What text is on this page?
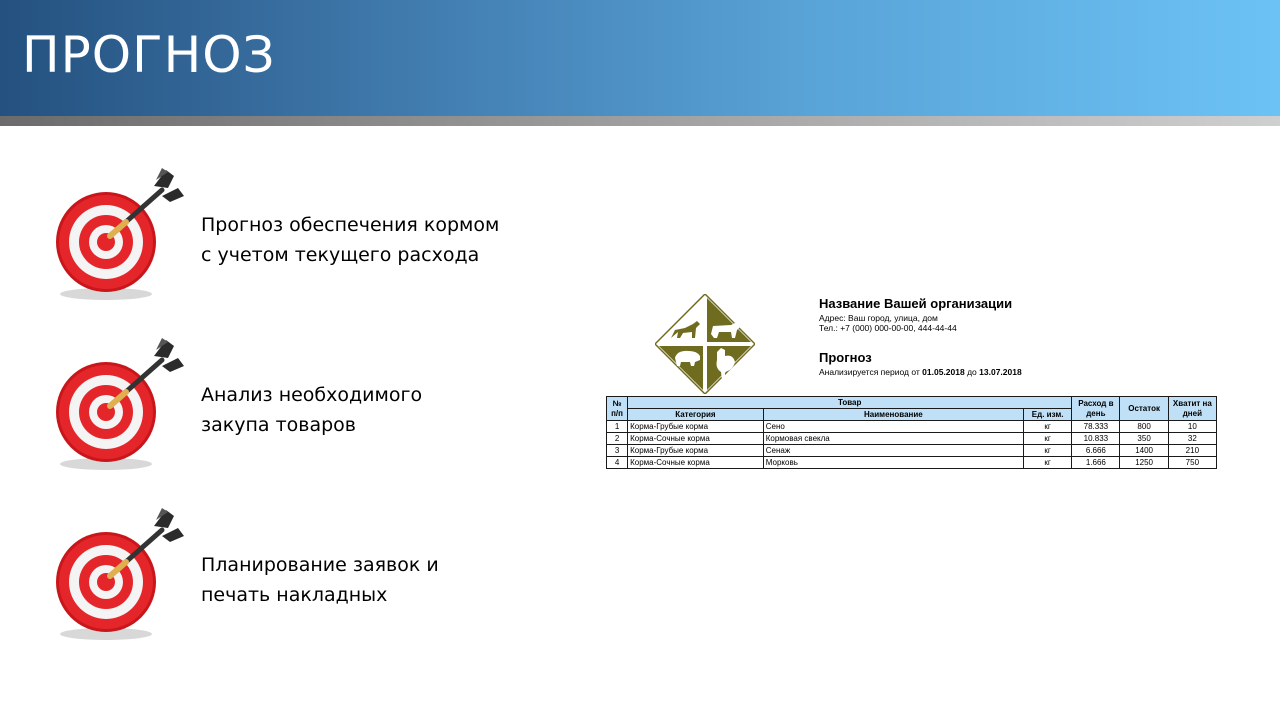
ПРОГНОЗ
Прогноз обеспечения кормом
с учетом текущего расхода
Анализ необходимого
закупа товаров
Планирование заявок и
печать накладных
Название Вашей организации
Адрес: Ваш город, улица, дом
Тел.: +7 (000) 000-00-00, 444-44-44
Прогноз
Анализируется период от 01.05.2018 до 13.07.2018
№ п/п	Товар			Расход в день	Остаток	Хватит на дней
	Категория	Наименование	Ед. изм.			
1	Корма-Грубые корма	Сено	кг	78.333	800	10
2	Корма-Сочные корма	Кормовая свекла	кг	10.833	350	32
3	Корма-Грубые корма	Сенаж	кг	6.666	1400	210
4	Корма-Сочные корма	Морковь	кг	1.666	1250	750
